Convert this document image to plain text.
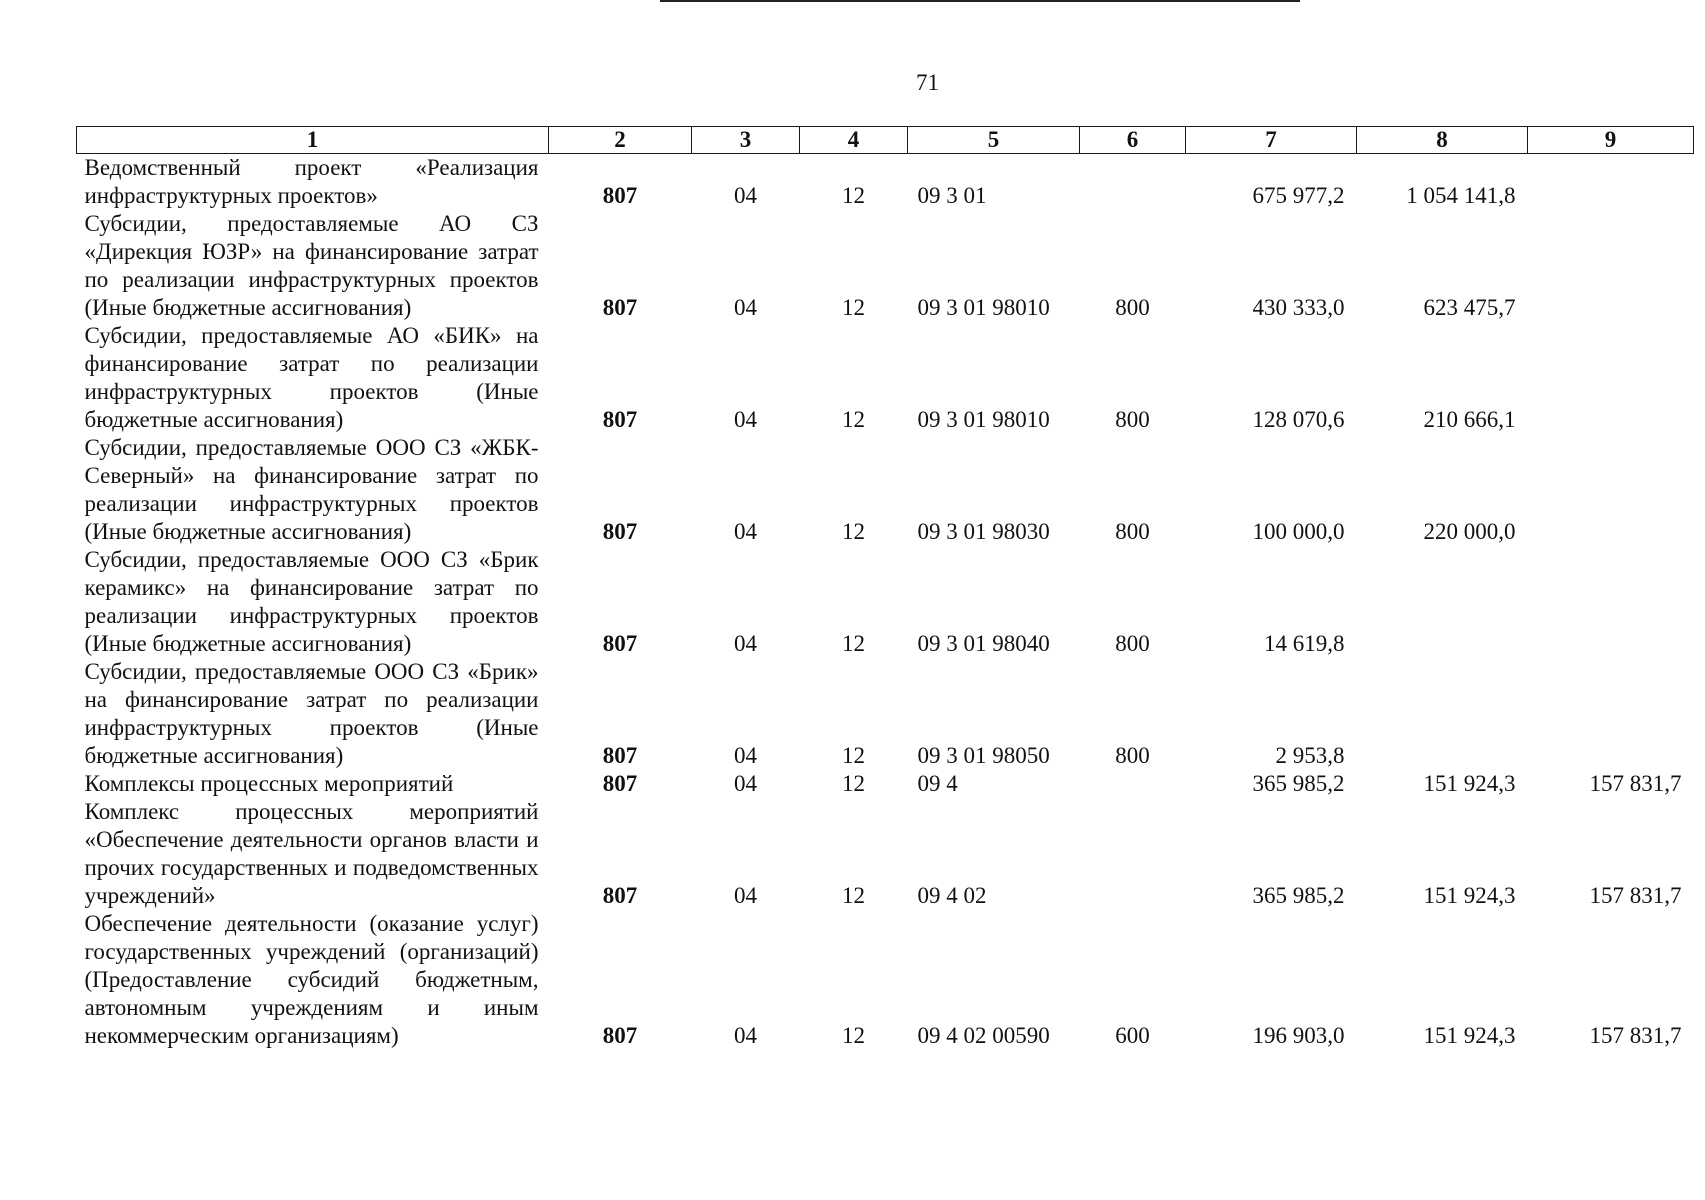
71
1	2	3	4	5	6	7	8	9
Ведомственный проект «Реализация инфраструктурных проектов»	807	04	12	09 3 01		675 977,2	1 054 141,8	
Субсидии, предоставляемые АО СЗ «Дирекция ЮЗР» на финансирование затрат по реализации инфраструктурных проектов (Иные бюджетные ассигнования)	807	04	12	09 3 01 98010	800	430 333,0	623 475,7	
Субсидии, предоставляемые АО «БИК» на финансирование затрат по реализации инфраструктурных проектов (Иные бюджетные ассигнования)	807	04	12	09 3 01 98010	800	128 070,6	210 666,1	
Субсидии, предоставляемые ООО СЗ «ЖБК-Северный» на финансирование затрат по реализации инфраструктурных проектов (Иные бюджетные ассигнования)	807	04	12	09 3 01 98030	800	100 000,0	220 000,0	
Субсидии, предоставляемые ООО СЗ «Брик керамикс» на финансирование затрат по реализации инфраструктурных проектов (Иные бюджетные ассигнования)	807	04	12	09 3 01 98040	800	14 619,8		
Субсидии, предоставляемые ООО СЗ «Брик» на финансирование затрат по реализации инфраструктурных проектов (Иные бюджетные ассигнования)	807	04	12	09 3 01 98050	800	2 953,8		
Комплексы процессных мероприятий	807	04	12	09 4		365 985,2	151 924,3	157 831,7
Комплекс процессных мероприятий «Обеспечение деятельности органов власти и прочих государственных и подведомственных учреждений»	807	04	12	09 4 02		365 985,2	151 924,3	157 831,7
Обеспечение деятельности (оказание услуг) государственных учреждений (организаций) (Предоставление субсидий бюджетным, автономным учреждениям и иным некоммерческим организациям)	807	04	12	09 4 02 00590	600	196 903,0	151 924,3	157 831,7
